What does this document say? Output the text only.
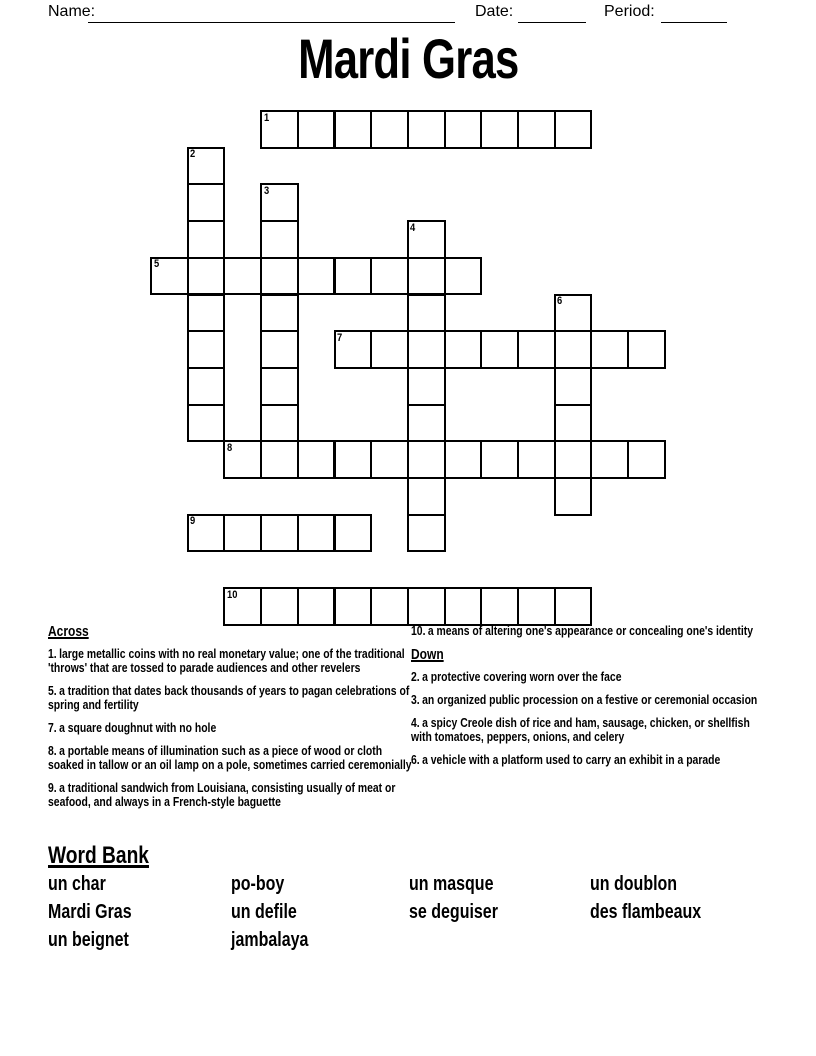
Name:	Date:	Period:
Mardi Gras
1
2
3
4
5
6
7
8
9
10
Across

1. large metallic coins with no real monetary value; one of the traditional 'throws' that are tossed to parade audiences and other revelers

5. a tradition that dates back thousands of years to pagan celebrations of spring and fertility

7. a square doughnut with no hole

8. a portable means of illumination such as a piece of wood or cloth soaked in tallow or an oil lamp on a pole, sometimes carried ceremonially

9. a traditional sandwich from Louisiana, consisting usually of meat or seafood, and always in a French-style baguette

10. a means of altering one's appearance or concealing one's identity

Down

2. a protective covering worn over the face

3. an organized public procession on a festive or ceremonial occasion

4. a spicy Creole dish of rice and ham, sausage, chicken, or shellfish with tomatoes, peppers, onions, and celery

6. a vehicle with a platform used to carry an exhibit in a parade

Word Bank
un char
Mardi Gras
un beignet
po-boy
un defile
jambalaya
un masque
se deguiser
un doublon
des flambeaux
